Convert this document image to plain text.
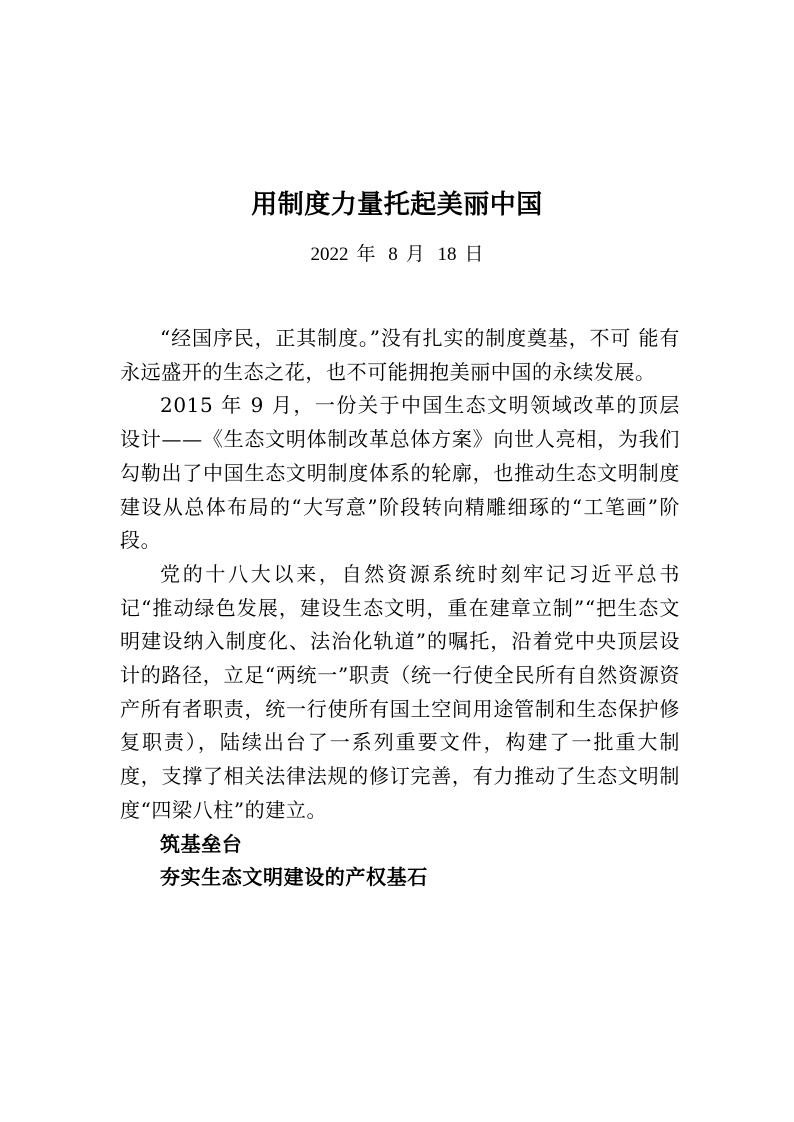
用制度力量托起美丽中国
2022 年 8 月 18 日

“经国序民，正其制度。”没有扎实的制度奠基，不可 能有永远盛开的生态之花，也不可能拥抱美丽中国的永续发展。

2015 年 9 月，一份关于中国生态文明领域改革的顶层设计——《生态文明体制改革总体方案》向世人亮相，为我们勾勒出了中国生态文明制度体系的轮廓，也推动生态文明制度建设从总体布局的“大写意”阶段转向精雕细琢的“工笔画”阶段。

党的十八大以来，自然资源系统时刻牢记习近平总书记“推动绿色发展，建设生态文明，重在建章立制”“把生态文明建设纳入制度化、法治化轨道”的嘱托，沿着党中央顶层设计的路径，立足“两统一”职责（统一行使全民所有自然资源资产所有者职责，统一行使所有国土空间用途管制和生态保护修复职责），陆续出台了一系列重要文件，构建了一批重大制度，支撑了相关法律法规的修订完善，有力推动了生态文明制度“四梁八柱”的建立。

筑基垒台

夯实生态文明建设的产权基石
